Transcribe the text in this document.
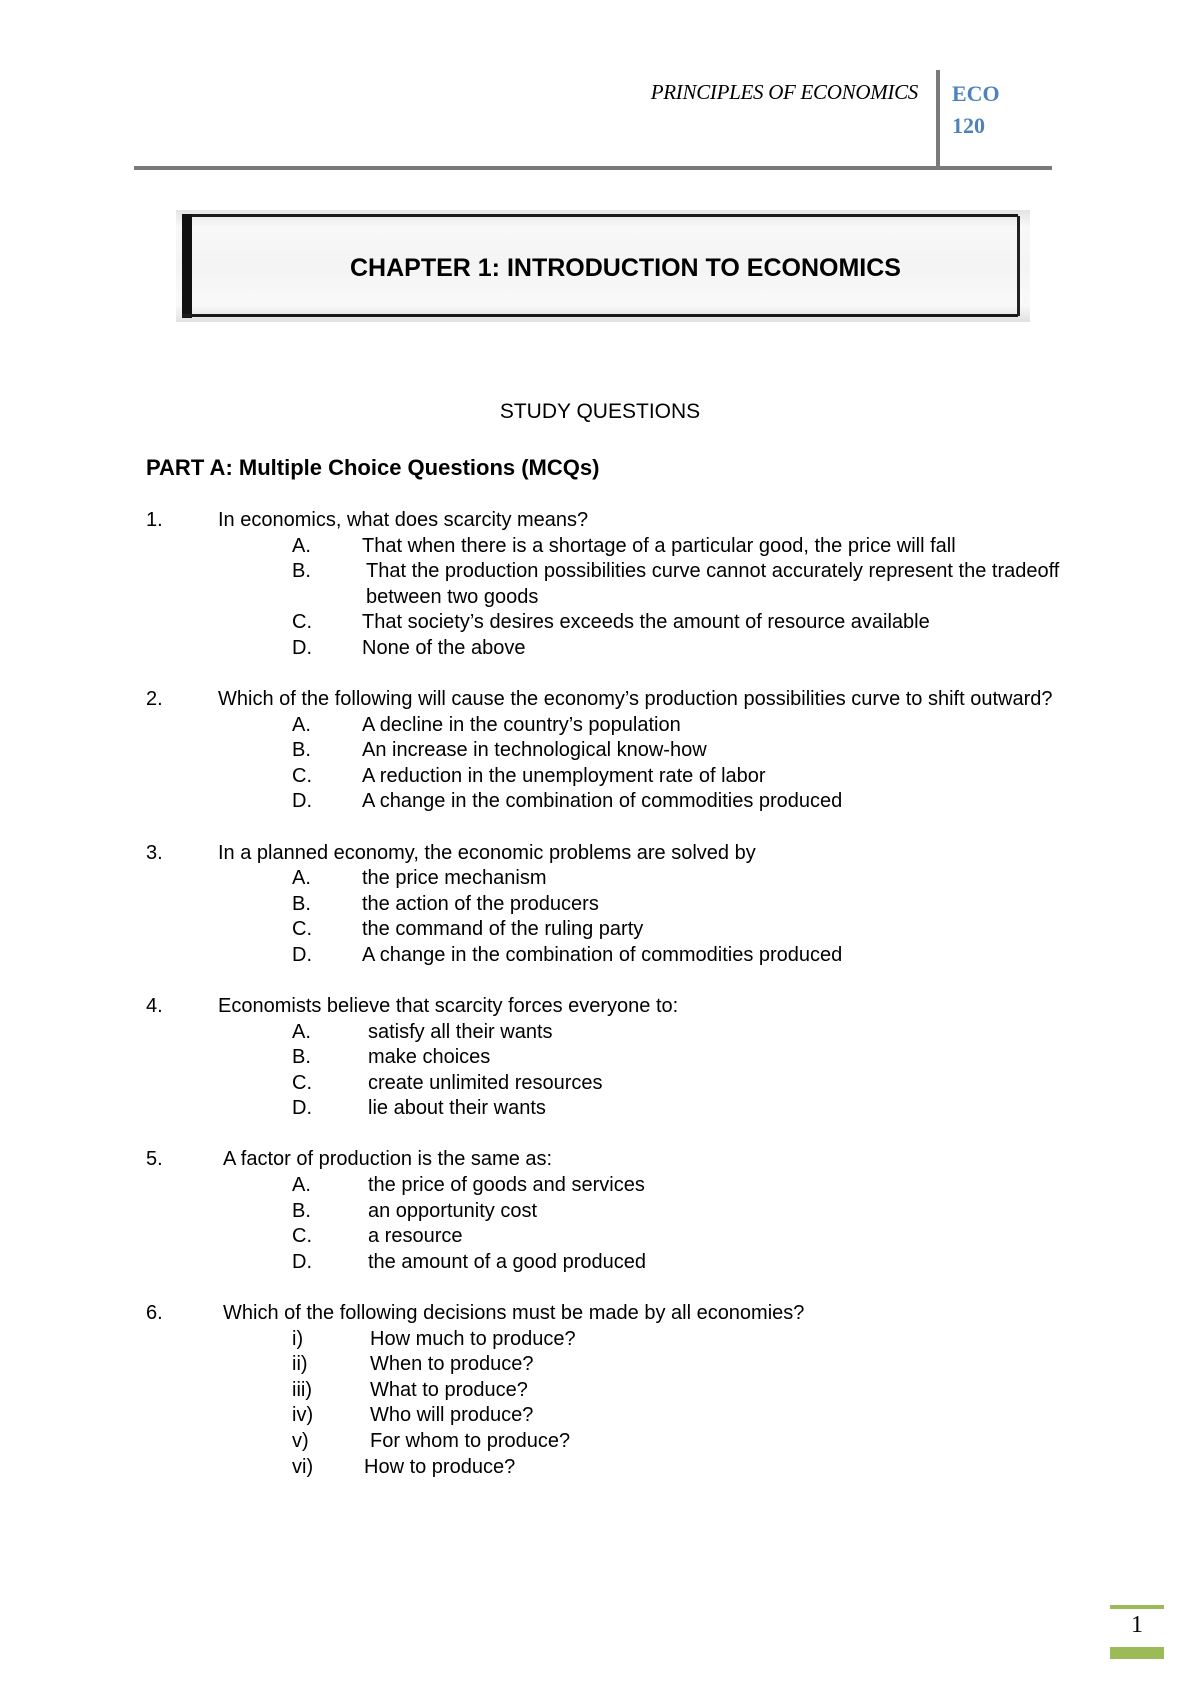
PRINCIPLES OF ECONOMICS ECO
120
CHAPTER 1: INTRODUCTION TO ECONOMICS
STUDY QUESTIONS
PART A: Multiple Choice Questions (MCQs)
1.	In economics, what does scarcity means?
A.	That when there is a shortage of a particular good, the price will fall
B.	That the production possibilities curve cannot accurately represent the tradeoff between two goods
C.	That society’s desires exceeds the amount of resource available
D.	None of the above
2.	Which of the following will cause the economy’s production possibilities curve to shift outward?
A.	A decline in the country’s population
B.	An increase in technological know-how
C.	A reduction in the unemployment rate of labor
D.	A change in the combination of commodities produced
3.	In a planned economy, the economic problems are solved by
A.	the price mechanism
B.	the action of the producers
C.	the command of the ruling party
D.	A change in the combination of commodities produced
4.	Economists believe that scarcity forces everyone to:
A.	satisfy all their wants
B.	make choices
C.	create unlimited resources
D.	lie about their wants
5.	A factor of production is the same as:
A.	the price of goods and services
B.	an opportunity cost
C.	a resource
D.	the amount of a good produced
6.	Which of the following decisions must be made by all economies?
i)	How much to produce?
ii)	When to produce?
iii)	What to produce?
iv)	Who will produce?
v)	For whom to produce?
vi)	How to produce?
1
